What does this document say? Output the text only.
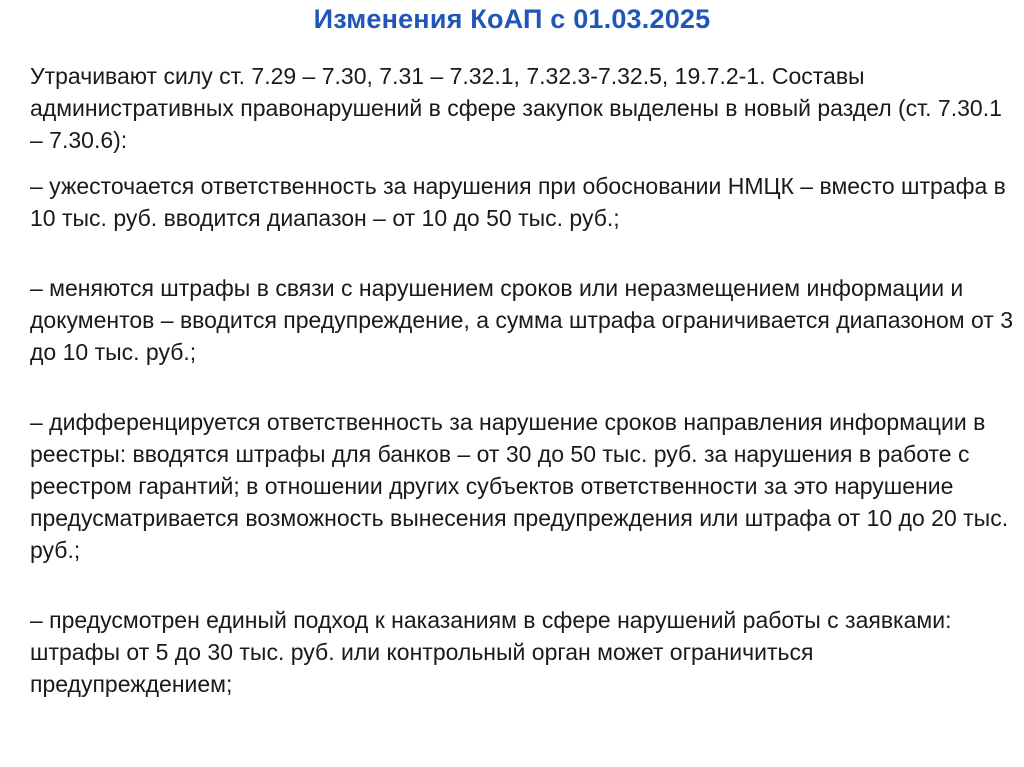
Изменения КоАП с 01.03.2025

Утрачивают силу ст. 7.29 – 7.30, 7.31 – 7.32.1, 7.32.3-7.32.5, 19.7.2-1. Составы административных правонарушений в сфере закупок выделены в новый раздел (ст. 7.30.1 – 7.30.6):

– ужесточается ответственность за нарушения при обосновании НМЦК – вместо штрафа в 10 тыс. руб. вводится диапазон – от 10 до 50 тыс. руб.;

– меняются штрафы в связи с нарушением сроков или неразмещением информации и документов – вводится предупреждение, а сумма штрафа ограничивается диапазоном от 3 до 10 тыс. руб.;

– дифференцируется ответственность за нарушение сроков направления информации в реестры: вводятся штрафы для банков – от 30 до 50 тыс. руб. за нарушения в работе с реестром гарантий; в отношении других субъектов ответственности за это нарушение предусматривается возможность вынесения предупреждения или штрафа от 10 до 20 тыс. руб.;

– предусмотрен единый подход к наказаниям в сфере нарушений работы с заявками: штрафы от 5 до 30 тыс. руб. или контрольный орган может ограничиться предупреждением;
